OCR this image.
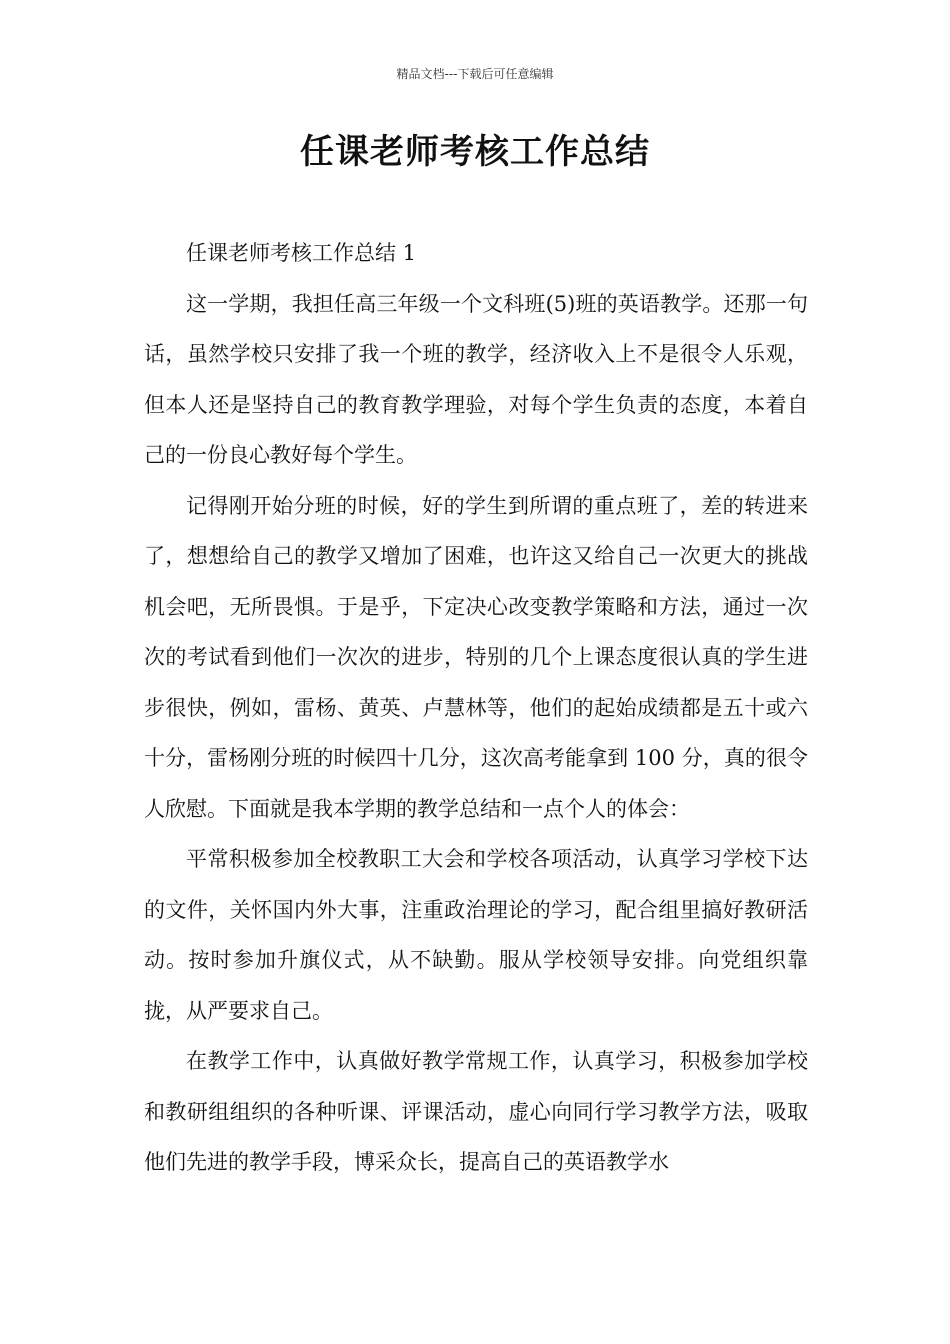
精品文档---下载后可任意编辑
任课老师考核工作总结
任课老师考核工作总结 1

这一学期，我担任高三年级一个文科班(5)班的英语教学。还那一句话，虽然学校只安排了我一个班的教学，经济收入上不是很令人乐观，但本人还是坚持自己的教育教学理验，对每个学生负责的态度，本着自己的一份良心教好每个学生。

记得刚开始分班的时候，好的学生到所谓的重点班了，差的转进来了，想想给自己的教学又增加了困难，也许这又给自己一次更大的挑战机会吧，无所畏惧。于是乎，下定决心改变教学策略和方法，通过一次次的考试看到他们一次次的进步，特别的几个上课态度很认真的学生进步很快，例如，雷杨、黄英、卢慧林等，他们的起始成绩都是五十或六十分，雷杨刚分班的时候四十几分，这次高考能拿到 100 分，真的很令人欣慰。下面就是我本学期的教学总结和一点个人的体会：

平常积极参加全校教职工大会和学校各项活动，认真学习学校下达的文件，关怀国内外大事，注重政治理论的学习，配合组里搞好教研活动。按时参加升旗仪式，从不缺勤。服从学校领导安排。向党组织靠拢，从严要求自己。

在教学工作中，认真做好教学常规工作，认真学习，积极参加学校和教研组组织的各种听课、评课活动，虚心向同行学习教学方法，吸取他们先进的教学手段，博采众长，提高自己的英语教学水
